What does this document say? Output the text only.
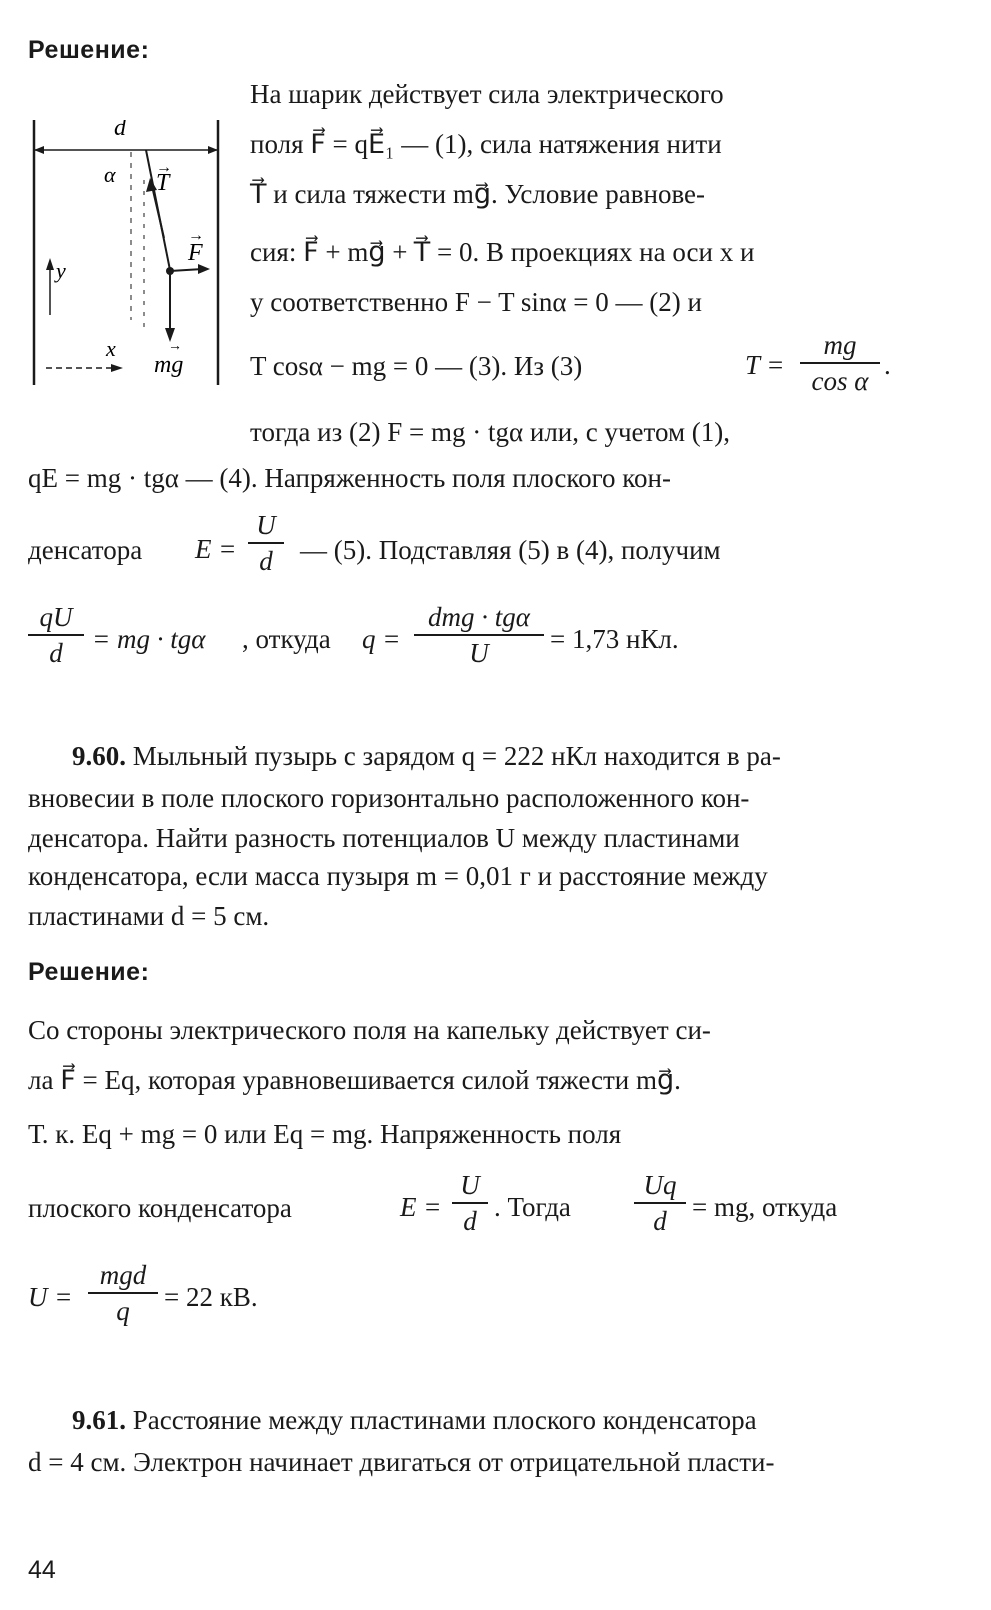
Решение:
d
α T
→
F
→
mg
→
y
x
На шарик действует сила электрического
поля F⃗ = qE⃗₁ — (1), сила натяжения нити
T⃗ и сила тяжести mg⃗. Условие равнове-
сия: F⃗ + mg⃗ + T⃗ = 0. В проекциях на оси x и
y соответственно F − T sinα = 0 — (2) и
T cosα − mg = 0 — (3). Из (3)	T =
mg
cos α
.
тогда из (2) F = mg · tgα или, с учетом (1),
qE = mg · tgα — (4). Напряженность поля плоского кон-
денсатора E =
U
d	— (5). Подставляя (5) в (4), получим
qU
d	= mg · tgα , откуда q =
dmg · tgα
U	= 1,73 нКл.
9.60. Мыльный пузырь с зарядом q = 222 нКл находится в ра-
вновесии в поле плоского горизонтально расположенного кон-
денсатора. Найти разность потенциалов U между пластинами
конденсатора, если масса пузыря m = 0,01 г и расстояние между
пластинами d = 5 см.
Решение:
Со стороны электрического поля на капельку действует си-
ла F⃗ = Eq, которая уравновешивается силой тяжести mg⃗.
Т. к. Eq + mg = 0 или Eq = mg. Напряженность поля
плоского конденсатора	E =
U
d . Тогда
Uq
d = mg, откуда
U =
mgd
q	= 22 кВ.
9.61. Расстояние между пластинами плоского конденсатора
d = 4 см. Электрон начинает двигаться от отрицательной пласти-
44
